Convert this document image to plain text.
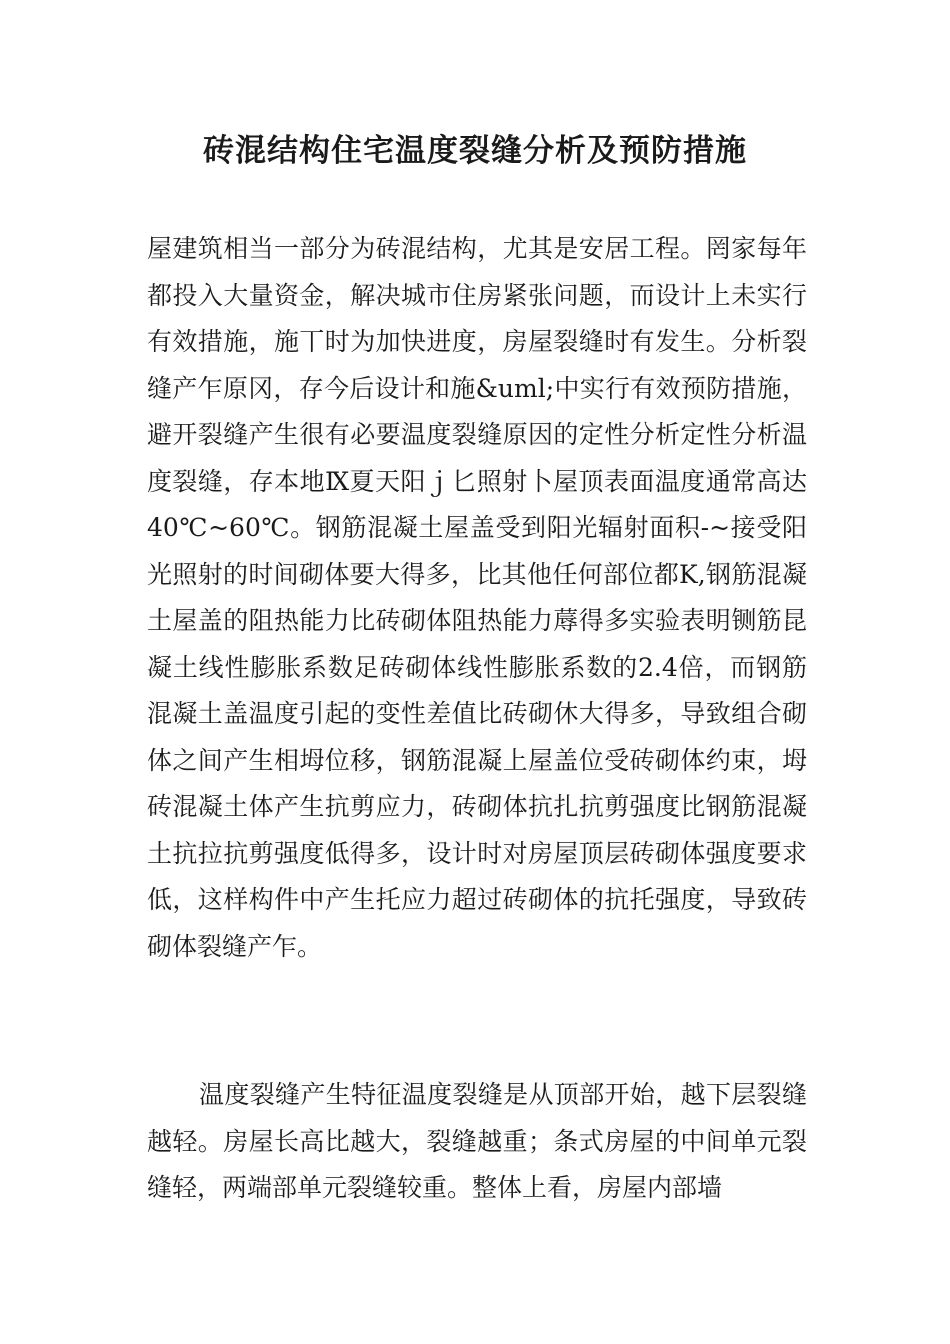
砖混结构住宅温度裂缝分析及预防措施

屋建筑相当一部分为砖混结构，尤其是安居工程。罔家每年都投入大量资金，解决城市住房紧张问题，而设计上未实行有效措施，施丅时为加快进度，房屋裂缝时有发生。分析裂缝产乍原冈，存今后设计和施&uml;中实行有效预防措施，避开裂缝产生很有必要温度裂缝原因的定性分析定性分析温度裂缝，存本地Ⅸ夏天阳ｊ匕照射卜屋顶表面温度通常高达 40℃~60℃。钢筋混凝土屋盖受到阳光辐射面积-~接受阳光照射的时间砌体要大得多，比其他任何部位都K,钢筋混凝土屋盖的阻热能力比砖砌体阻热能力蓐得多实验表明铡筋昆凝土线性膨胀系数足砖砌体线性膨胀系数的2.4倍，而钢筋混凝土盖温度引起的变性差值比砖砌休大得多，导致组合砌体之间产生相坶位移，钢筋混凝上屋盖位受砖砌体约束，坶砖混凝土体产生抗剪应力，砖砌体抗扎抗剪强度比钢筋混凝土抗拉抗剪强度低得多，设计时对房屋顶层砖砌体强度要求低，这样构件中产生托应力超过砖砌体的抗托强度，导致砖砌体裂缝产乍。

温度裂缝产生特征温度裂缝是从顶部开始，越下层裂缝越轻。房屋长高比越大，裂缝越重；条式房屋的中间单元裂缝轻，两端部单元裂缝较重。整体上看，房屋内部墙
